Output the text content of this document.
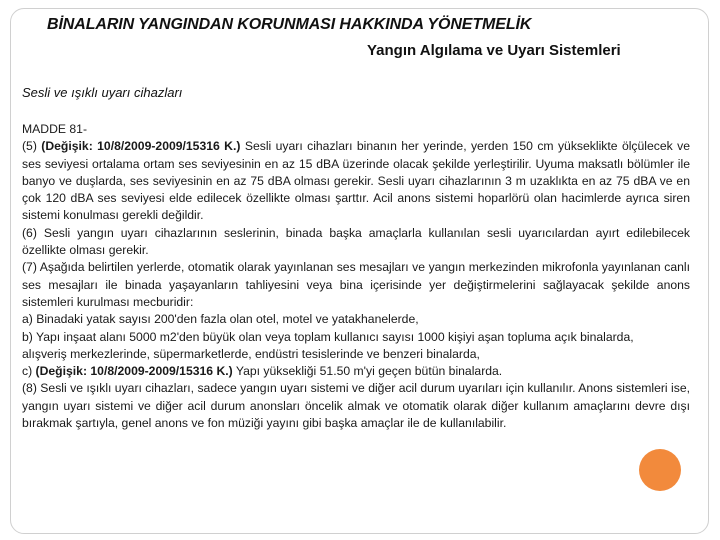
BİNALARIN YANGINDAN KORUNMASI HAKKINDA YÖNETMELİK
Yangın Algılama ve Uyarı Sistemleri
Sesli ve ışıklı uyarı cihazları

MADDE 81-

(5) (Değişik: 10/8/2009-2009/15316 K.) Sesli uyarı cihazları binanın her yerinde, yerden 150 cm yükseklikte ölçülecek ve ses seviyesi ortalama ortam ses seviyesinin en az 15 dBA üzerinde olacak şekilde yerleştirilir. Uyuma maksatlı bölümler ile banyo ve duşlarda, ses seviyesinin en az 75 dBA olması gerekir. Sesli uyarı cihazlarının 3 m uzaklıkta en az 75 dBA ve en çok 120 dBA ses seviyesi elde edilecek özellikte olması şarttır. Acil anons sistemi hoparlörü olan hacimlerde ayrıca siren sistemi konulması gerekli değildir.

(6) Sesli yangın uyarı cihazlarının seslerinin, binada başka amaçlarla kullanılan sesli uyarıcılardan ayırt edilebilecek özellikte olması gerekir.

(7) Aşağıda belirtilen yerlerde, otomatik olarak yayınlanan ses mesajları ve yangın merkezinden mikrofonla yayınlanan canlı ses mesajları ile binada yaşayanların tahliyesini veya bina içerisinde yer değiştirmelerini sağlayacak şekilde anons sistemleri kurulması mecburidir:

a) Binadaki yatak sayısı 200'den fazla olan otel, motel ve yatakhanelerde,

b) Yapı inşaat alanı 5000 m2'den büyük olan veya toplam kullanıcı sayısı 1000 kişiyi aşan topluma açık binalarda,

alışveriş merkezlerinde, süpermarketlerde, endüstri tesislerinde ve benzeri binalarda,

c) (Değişik: 10/8/2009-2009/15316 K.) Yapı yüksekliği 51.50 m'yi geçen bütün binalarda.

(8) Sesli ve ışıklı uyarı cihazları, sadece yangın uyarı sistemi ve diğer acil durum uyarıları için kullanılır. Anons sistemleri ise, yangın uyarı sistemi ve diğer acil durum anonsları öncelik almak ve otomatik olarak diğer kullanım amaçlarını devre dışı bırakmak şartıyla, genel anons ve fon müziği yayını gibi başka amaçlar ile de kullanılabilir.
